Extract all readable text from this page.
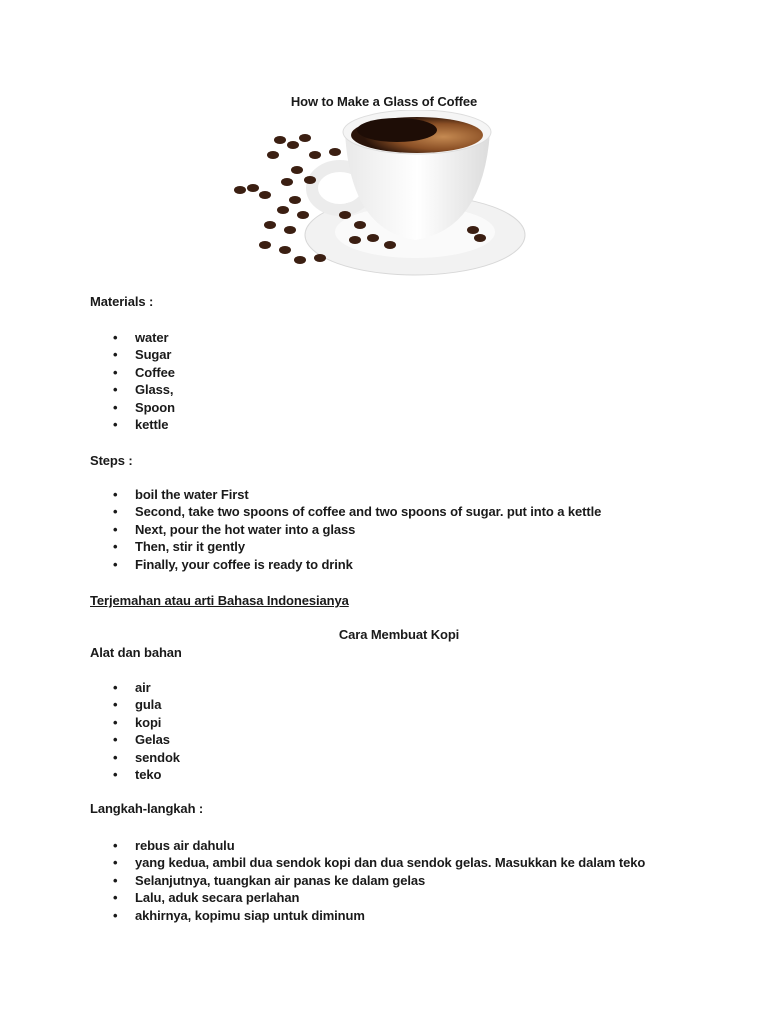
How to Make a Glass of Coffee
Materials :
• water
• Sugar
• Coffee
• Glass,
• Spoon
• kettle
Steps :
• boil the water First
• Second, take two spoons of coffee and two spoons of sugar. put into a kettle
• Next, pour the hot water into a glass
• Then, stir it gently
• Finally, your coffee is ready to drink
Terjemahan atau arti Bahasa Indonesianya
Cara Membuat Kopi
Alat dan bahan
• air
• gula
• kopi
• Gelas
• sendok
• teko
Langkah-langkah :
• rebus air dahulu
• yang kedua, ambil dua sendok kopi dan dua sendok gelas. Masukkan ke dalam teko
• Selanjutnya, tuangkan air panas ke dalam gelas
• Lalu, aduk secara perlahan
• akhirnya, kopimu siap untuk diminum
